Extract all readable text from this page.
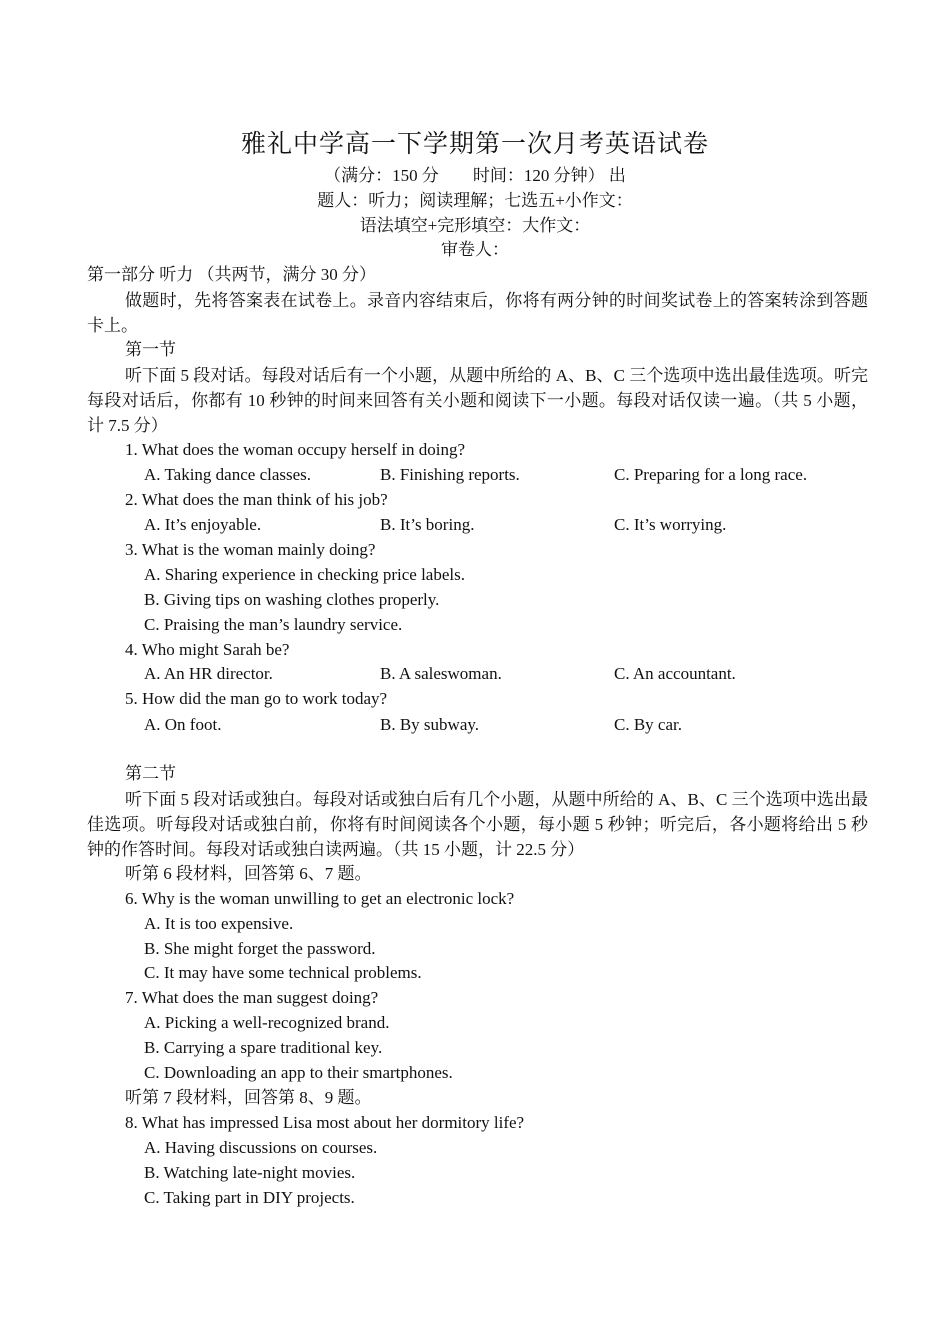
雅礼中学高一下学期第一次月考英语试卷
（满分：150 分　　时间：120 分钟） 出
题人：听力；阅读理解；七选五+小作文：
语法填空+完形填空：大作文：
审卷人：
第一部分 听力 （共两节，满分 30 分）
做题时，先将答案表在试卷上。录音内容结束后，你将有两分钟的时间奖试卷上的答案转涂到答题卡上。
第一节
听下面 5 段对话。每段对话后有一个小题，从题中所给的 A、B、C 三个选项中选出最佳选项。听完每段对话后，你都有 10 秒钟的时间来回答有关小题和阅读下一小题。每段对话仅读一遍。（共 5 小题，计 7.5 分）
1. What does the woman occupy herself in doing?
A. Taking dance classes.	B. Finishing reports.	C. Preparing for a long race.
2. What does the man think of his job?
A. It’s enjoyable.	B. It’s boring.	C. It’s worrying.
3. What is the woman mainly doing?
A. Sharing experience in checking price labels.
B. Giving tips on washing clothes properly.
C. Praising the man’s laundry service.
4. Who might Sarah be?
A. An HR director.	B. A saleswoman.	C. An accountant.
5. How did the man go to work today?
A. On foot.	B. By subway.	C. By car.
第二节
听下面 5 段对话或独白。每段对话或独白后有几个小题，从题中所给的 A、B、C 三个选项中选出最佳选项。听每段对话或独白前，你将有时间阅读各个小题，每小题 5 秒钟；听完后，各小题将给出 5 秒钟的作答时间。每段对话或独白读两遍。（共 15 小题，计 22.5 分）
听第 6 段材料，回答第 6、7 题。
6. Why is the woman unwilling to get an electronic lock?
A. It is too expensive.
B. She might forget the password.
C. It may have some technical problems.
7. What does the man suggest doing?
A. Picking a well-recognized brand.
B. Carrying a spare traditional key.
C. Downloading an app to their smartphones.
听第 7 段材料，回答第 8、9 题。
8. What has impressed Lisa most about her dormitory life?
A. Having discussions on courses.
B. Watching late-night movies.
C. Taking part in DIY projects.
